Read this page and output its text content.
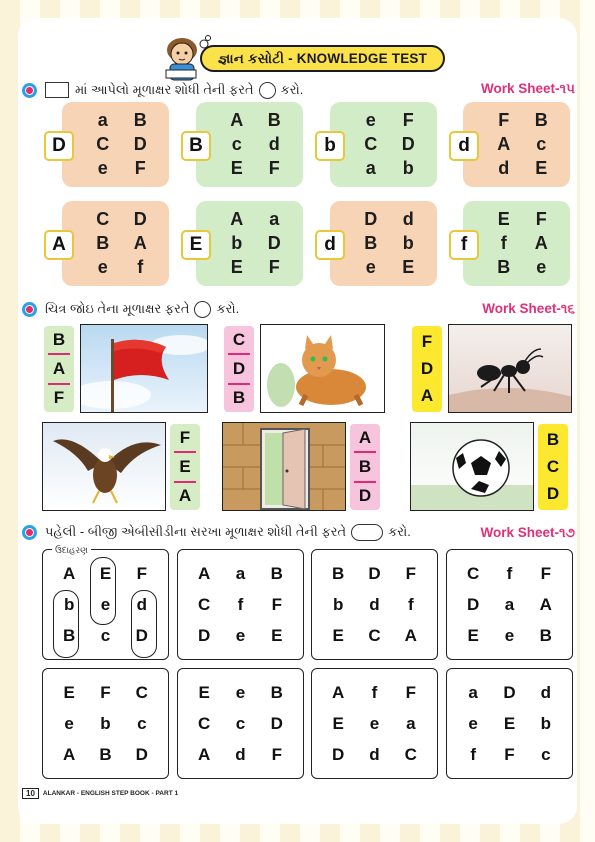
જ્ઞાન કસોટી - KNOWLEDGE TEST
માં આપેલો મૂળાક્ષર શોધી તેની ફરતે કરો.	Work Sheet-૧૫
a	B
C	D
e	F
D
A	B
c	d
E	F
B
e	F
C	D
a	b
b
F	B
A	c
d	E
d
C	D
B	A
e	f
A
A	a
b	D
E	F
E
D	d
B	b
e	E
d
E	F
f	A
B	e
f
ચિત્ર જોઇ તેના મૂળાક્ષર ફરતે કરો.	Work Sheet-૧૬
B
A
F
C
D
B
F
D
A
F
E
A
A
B
D
B
C
D
પહેલી - બીજી એબીસીડીના સરખા મૂળાક્ષર શોધી તેની ફરતે	કરો.	Work Sheet-૧૭
A	E	F
b	e	d
B	c	D
A	a	B
C	f	F
D	e	E
B	D	F
b	d	f
E	C	A
C	f	F
D	a	A
E	e	B
E	F	C
e	b	c
A	B	D
E	e	B
C	c	D
A	d	F
A	f	F
E	e	a
D	d	C
a	D	d
e	E	b
f	F	c
ઉદાહરણ
10	ALANKAR - ENGLISH STEP BOOK - PART 1
